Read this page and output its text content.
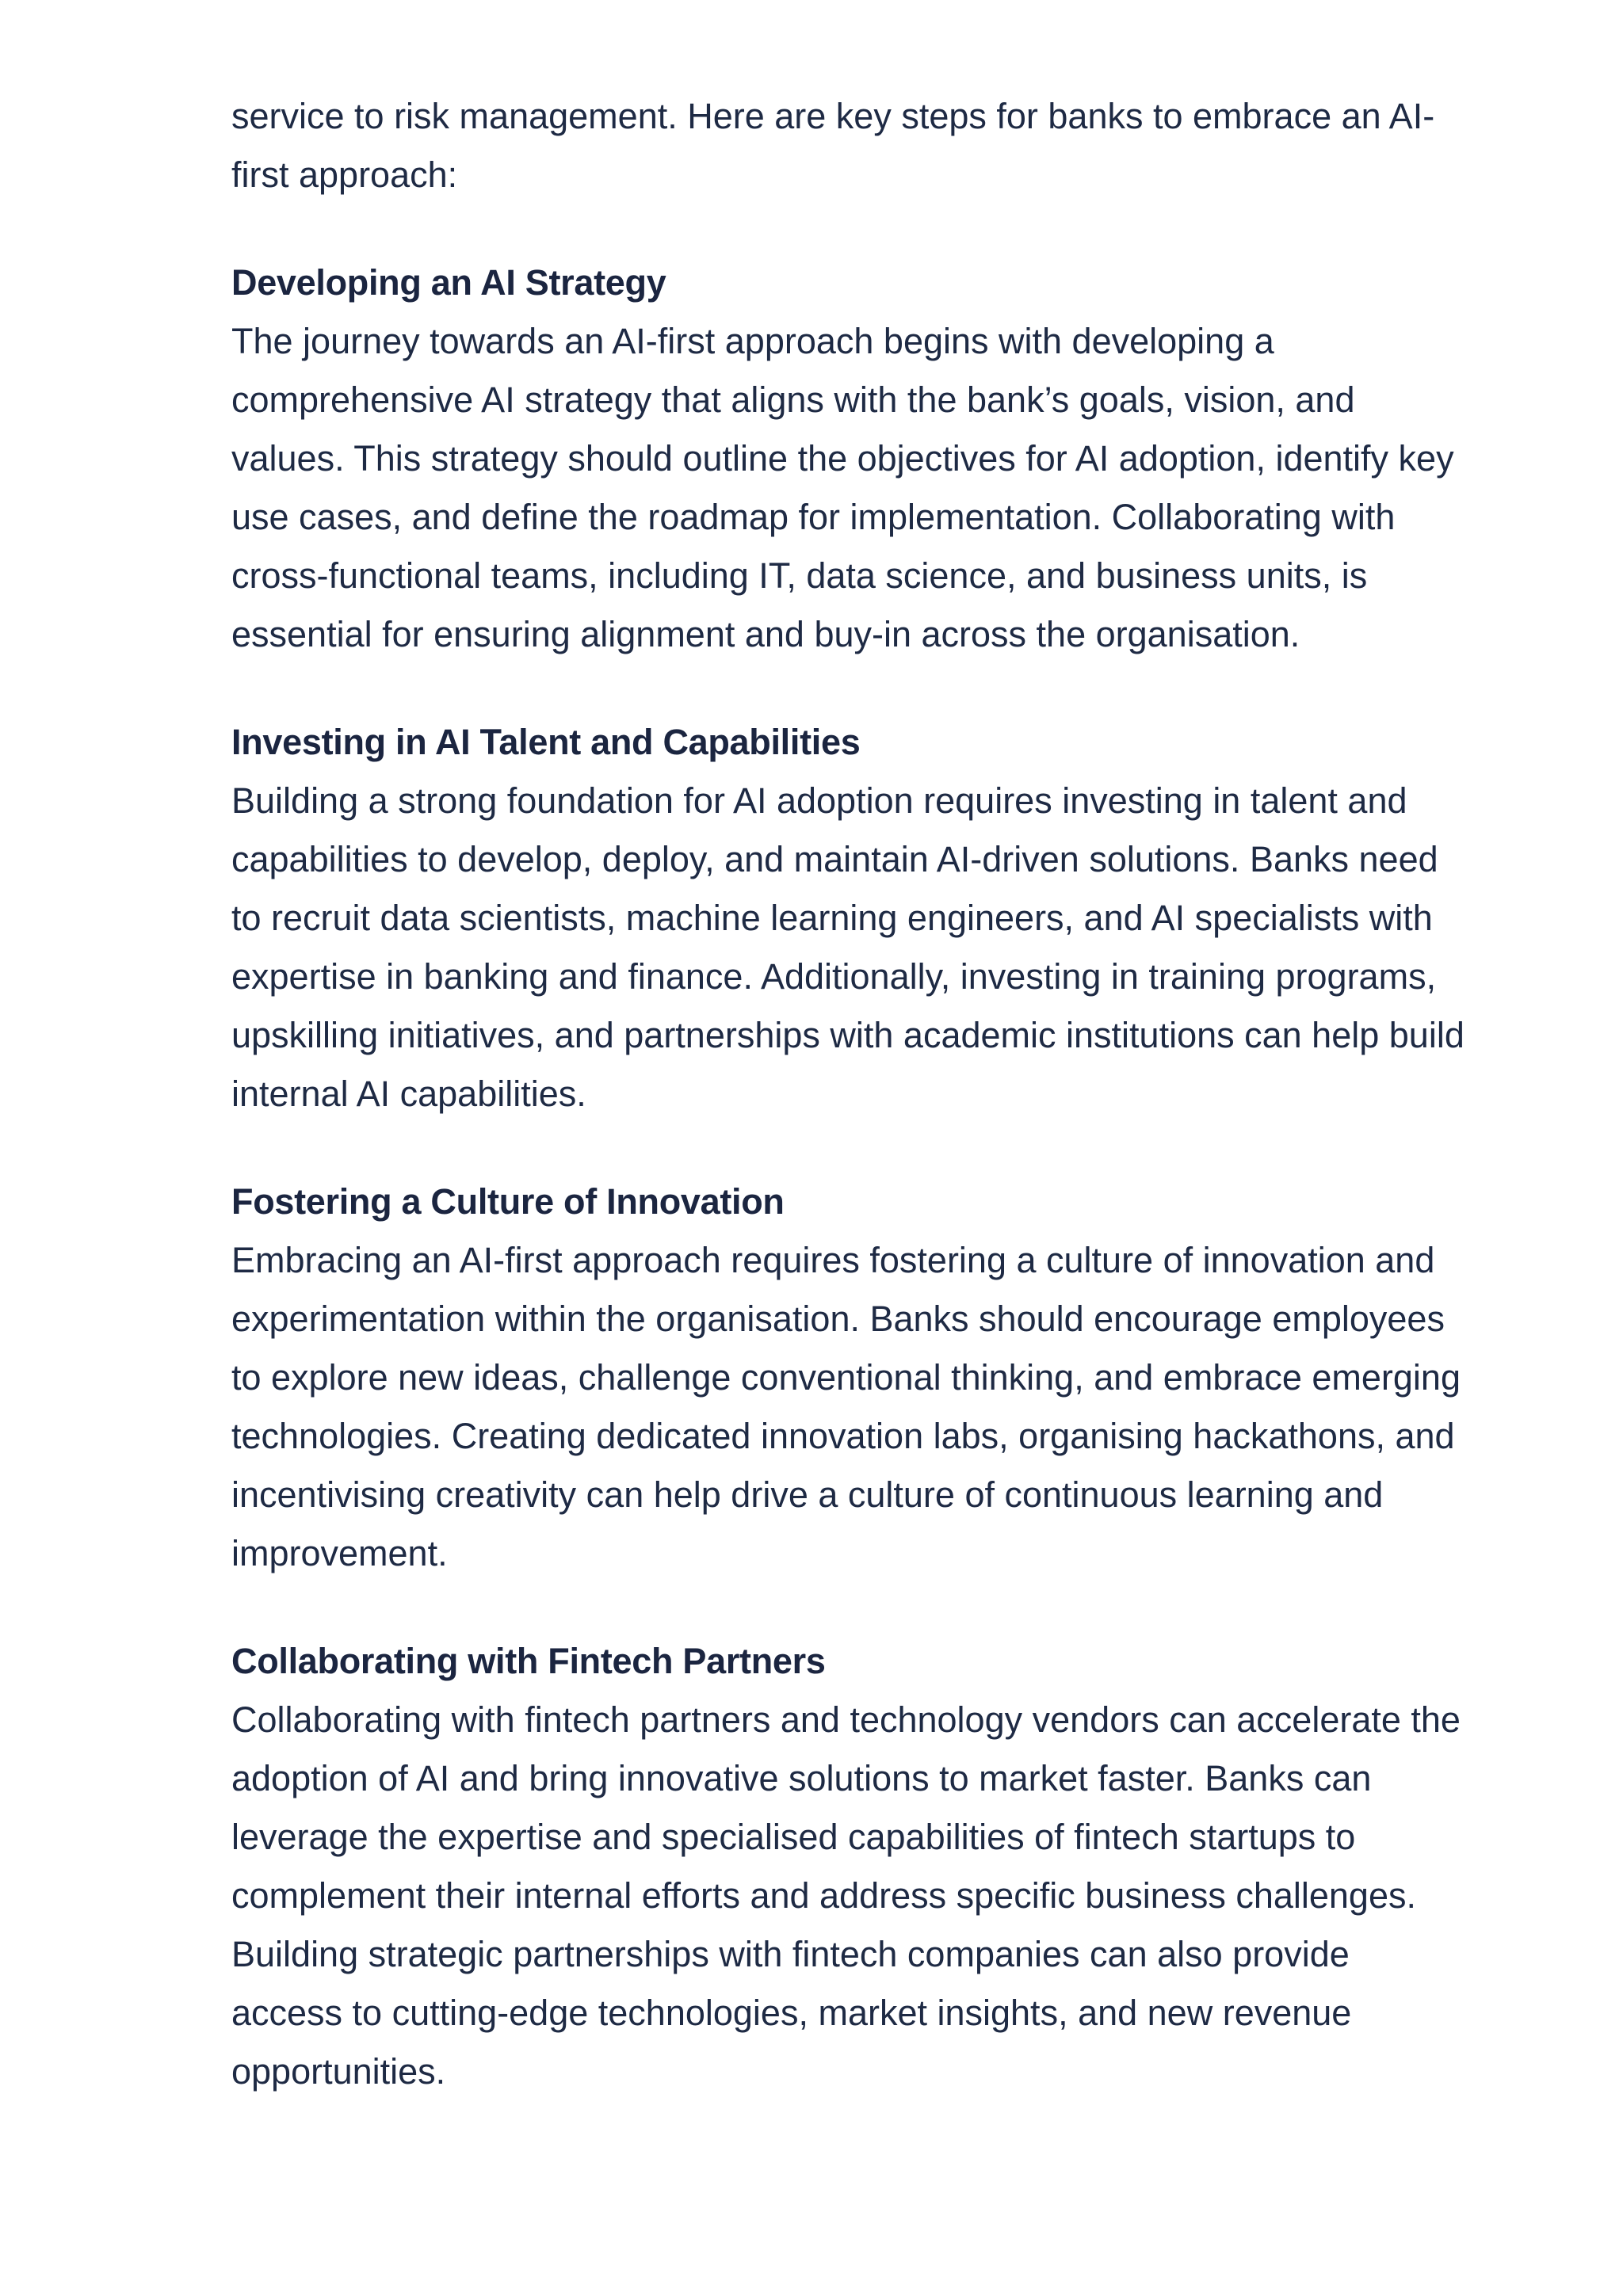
service to risk management. Here are key steps for banks to embrace an AI-first approach:

Developing an AI Strategy

The journey towards an AI-first approach begins with developing a comprehensive AI strategy that aligns with the bank’s goals, vision, and values. This strategy should outline the objectives for AI adoption, identify key use cases, and define the roadmap for implementation. Collaborating with cross-functional teams, including IT, data science, and business units, is essential for ensuring alignment and buy-in across the organisation.

Investing in AI Talent and Capabilities

Building a strong foundation for AI adoption requires investing in talent and capabilities to develop, deploy, and maintain AI-driven solutions. Banks need to recruit data scientists, machine learning engineers, and AI specialists with expertise in banking and finance. Additionally, investing in training programs, upskilling initiatives, and partnerships with academic institutions can help build internal AI capabilities.

Fostering a Culture of Innovation

Embracing an AI-first approach requires fostering a culture of innovation and experimentation within the organisation. Banks should encourage employees to explore new ideas, challenge conventional thinking, and embrace emerging technologies. Creating dedicated innovation labs, organising hackathons, and incentivising creativity can help drive a culture of continuous learning and improvement.

Collaborating with Fintech Partners

Collaborating with fintech partners and technology vendors can accelerate the adoption of AI and bring innovative solutions to market faster. Banks can leverage the expertise and specialised capabilities of fintech startups to complement their internal efforts and address specific business challenges. Building strategic partnerships with fintech companies can also provide access to cutting-edge technologies, market insights, and new revenue opportunities.
